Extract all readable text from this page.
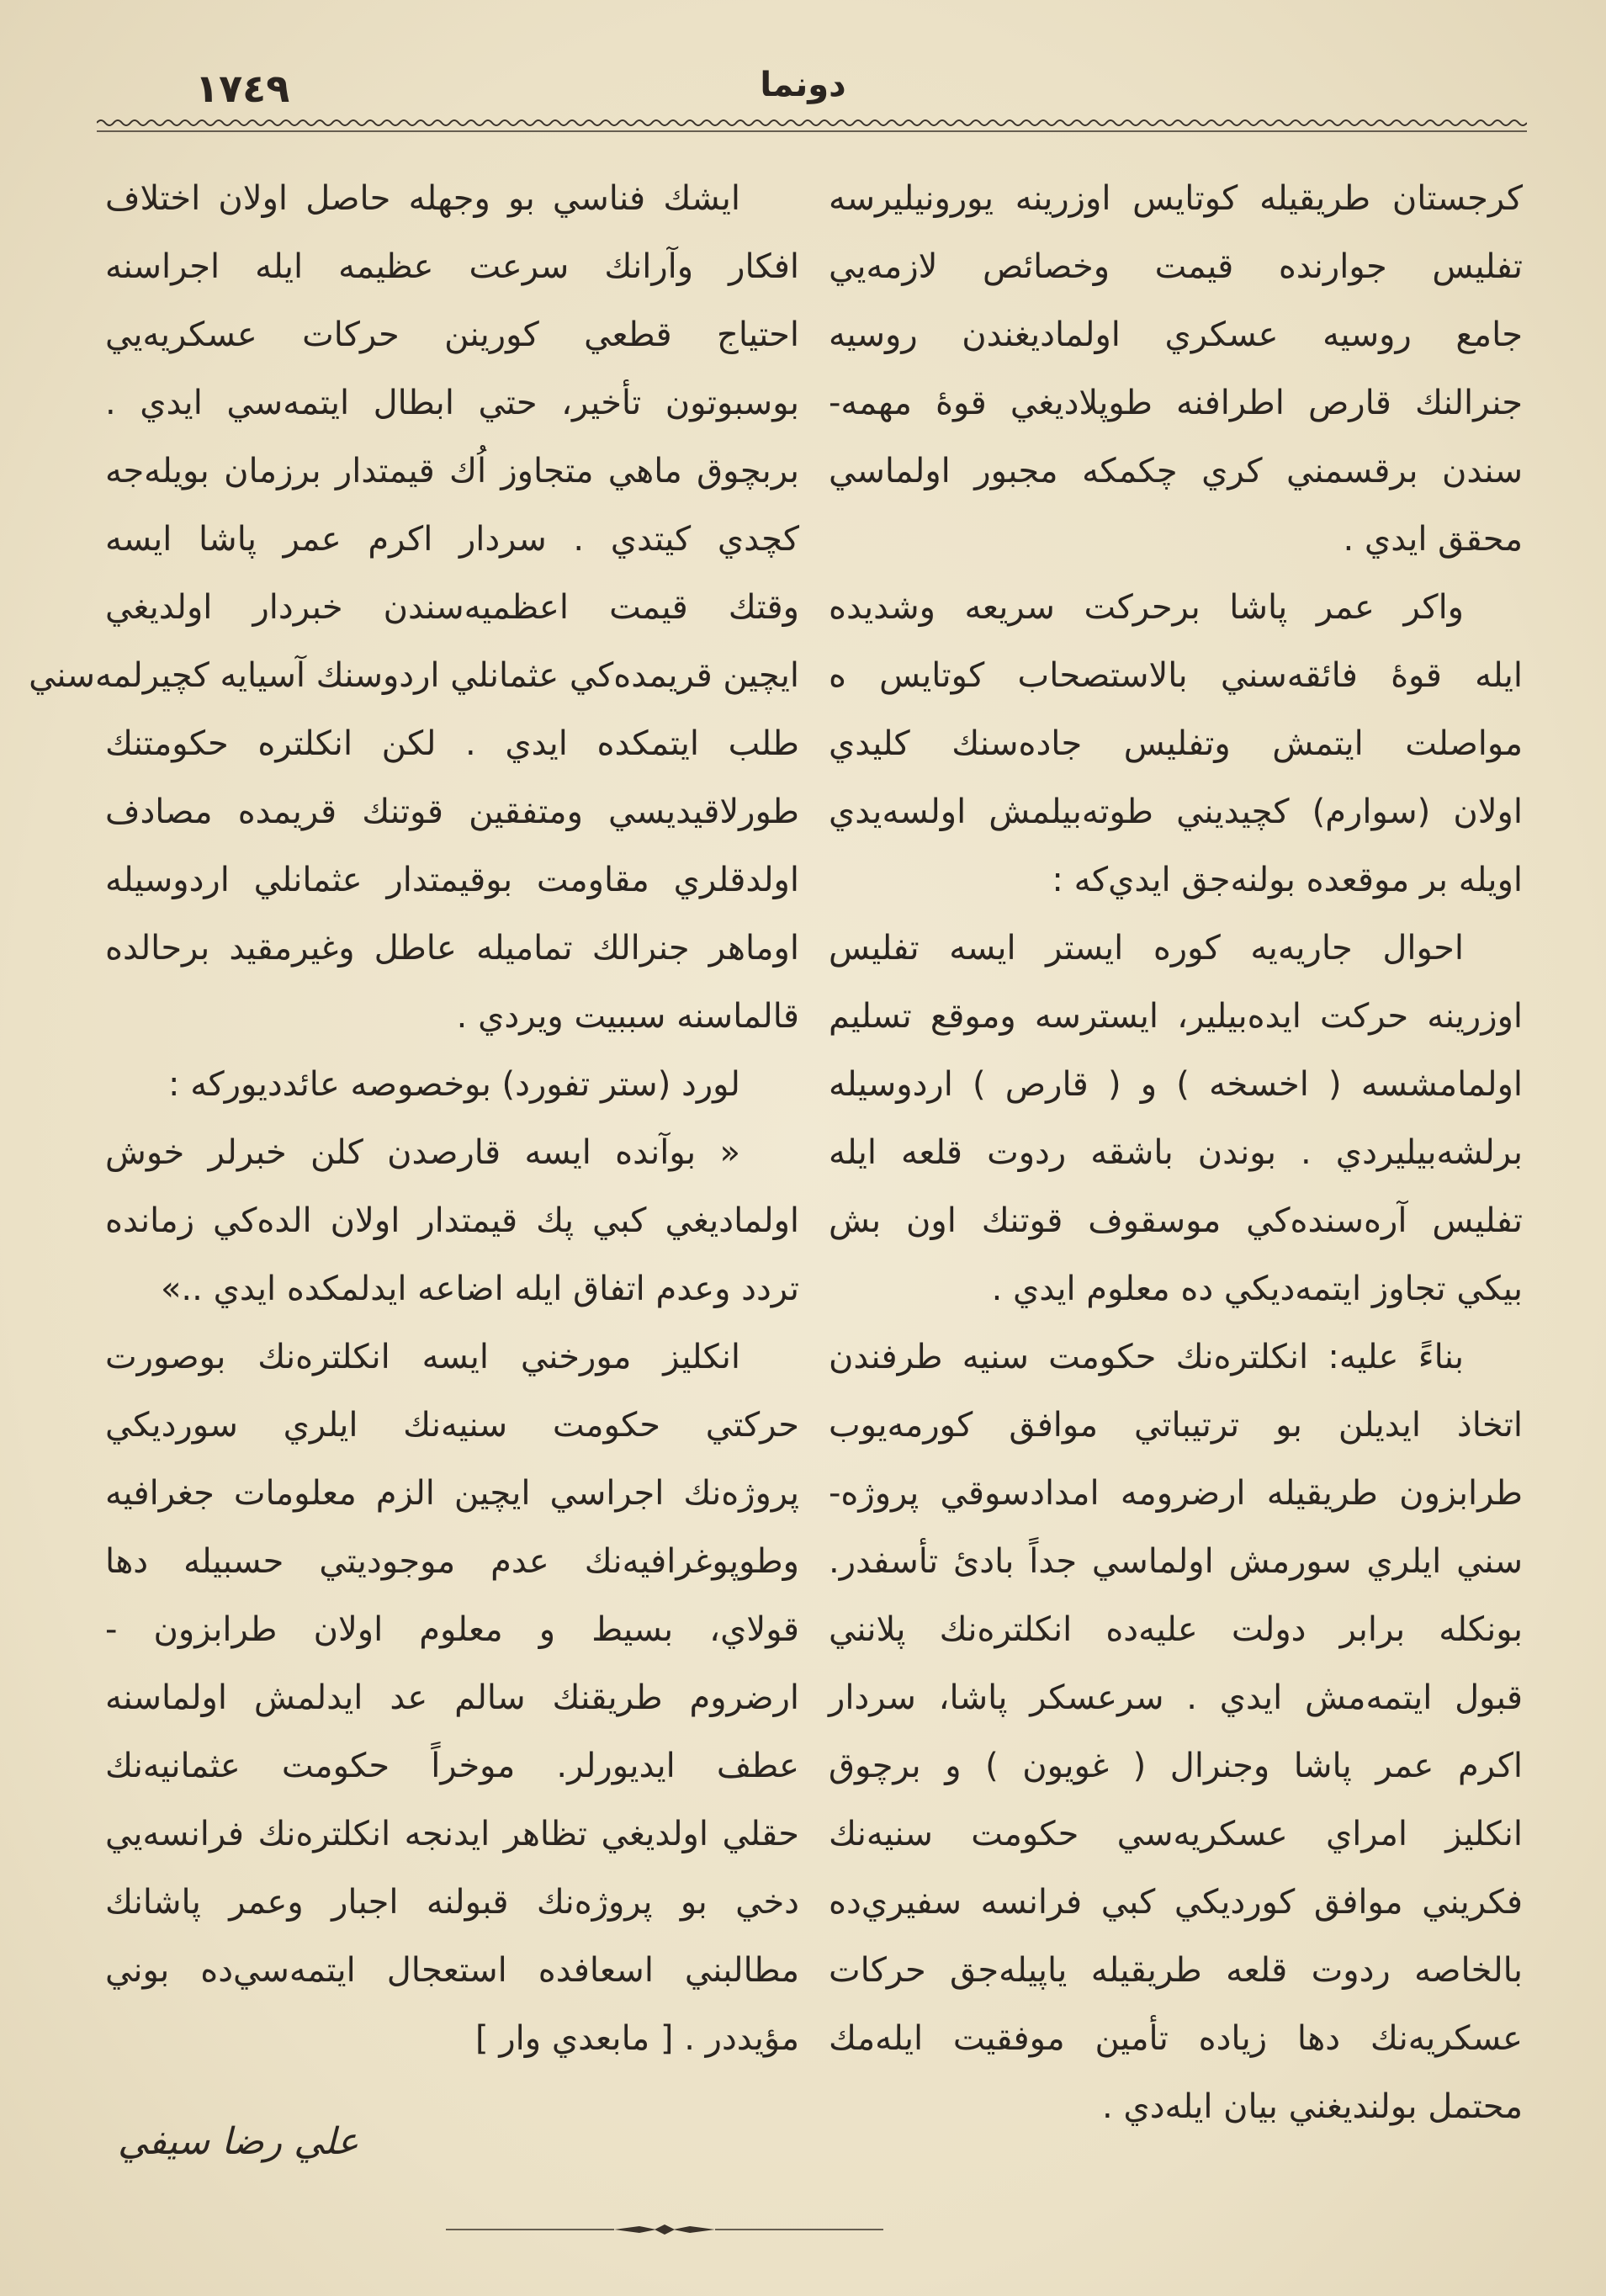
١٧٤٩	دونما
كرجستان طريقيله كوتايس اوزرينه يورونيليرسه
تفليس جوارنده قيمت وخصائص لازمه‌يي
جامع روسيه عسكري اولماديغندن روسيه
جنرالنك قارص اطرافنه طوپلاديغي قوۀ مهمه-
سندن برقسمني كري چكمكه مجبور اولماسي
محقق ايدي .
واكر عمر پاشا برحركت سريعه وشديده
ايله قوۀ فائقه‌سني بالاستصحاب كوتايس ه
مواصلت ايتمش وتفليس جاده‌سنك كليدي
اولان (سوارم) كچيديني طوته‌بيلمش اولسه‌يدي
اويله بر موقعده بولنه‌جق ايدي‌كه :
احوال جاريه‌يه كوره ايستر ايسه تفليس
اوزرينه حركت ايده‌بيلير، ايسترسه وموقع تسليم
اولمامشسه ( اخسخه ) و ( قارص ) اردوسيله
برلشه‌بيليردي . بوندن باشقه ردوت قلعه ايله
تفليس آره‌سنده‌كي موسقوف قوتنك اون بش
بيكي تجاوز ايتمه‌ديكي ده معلوم ايدي .
بناءً عليه: انكلتره‌نك حكومت سنيه طرفندن
اتخاذ ايديلن بو ترتيباتي موافق كورمه‌يوب
طرابزون طريقيله ارضرومه امدادسوقي پروژه-
سني ايلري سورمش اولماسي جداً بادئ تأسفدر.
بونكله برابر دولت عليه‌ده انكلتره‌نك پلانني
قبول ايتمه‌مش ايدي . سرعسكر پاشا، سردار
اكرم عمر پاشا وجنرال ( غويون ) و برچوق
انكليز امراي عسكريه‌سي حكومت سنيه‌نك
فكريني موافق كورديكي كبي فرانسه سفيري‌ده
بالخاصه ردوت قلعه طريقيله ياپيله‌جق حركات
عسكريه‌نك دها زياده تأمين موفقيت ايله‌مك
محتمل بولنديغني بيان ايله‌دي .
ايشك فناسي بو وجهله حاصل اولان اختلاف
افكار وآرانك سرعت عظيمه ايله اجراسنه
احتياج قطعي كورينن حركات عسكريه‌يي
بوسبوتون تأخير، حتي ابطال ايتمه‌سي ايدي .
بربچوق ماهي متجاوز اُك قيمتدار برزمان بويله‌جه
كچدي كيتدي . سردار اكرم عمر پاشا ايسه
وقتك قيمت اعظميه‌سندن خبردار اولديغي
ايچين قريمده‌كي عثمانلي اردوسنك آسيايه كچيرلمه‌سني
طلب ايتمكده ايدي . لكن انكلتره حكومتنك
طورلاقيديسي ومتفقين قوتنك قريمده مصادف
اولدقلري مقاومت بوقيمتدار عثمانلي اردوسيله
اوماهر جنرالك تماميله عاطل وغيرمقيد برحالده
قالماسنه سببيت ويردي .
لورد (ستر تفورد) بوخصوصه عائدديوركه :
« بوآنده ايسه قارصدن كلن خبرلر خوش
اولماديغي كبي پك قيمتدار اولان الده‌كي زمانده
تردد وعدم اتفاق ايله اضاعه ايدلمكده ايدي ..»
انكليز مورخني ايسه انكلتره‌نك بوصورت
حركتي حكومت سنيه‌نك ايلري سورديكي
پروژه‌نك اجراسي ايچين الزم معلومات جغرافيه
وطوپوغرافيه‌نك عدم موجوديتي حسبيله دها
قولاي، بسيط و معلوم اولان طرابزون -
ارضروم طريقنك سالم عد ايدلمش اولماسنه
عطف ايديورلر. موخراً حكومت عثمانيه‌نك
حقلي اولديغي تظاهر ايدنجه انكلتره‌نك فرانسه‌يي
دخي بو پروژه‌نك قبولنه اجبار وعمر پاشانك
مطالبني اسعافده استعجال ايتمه‌سي‌ده بوني
مؤيددر . [ مابعدي وار ]
علي رضا سيفي
